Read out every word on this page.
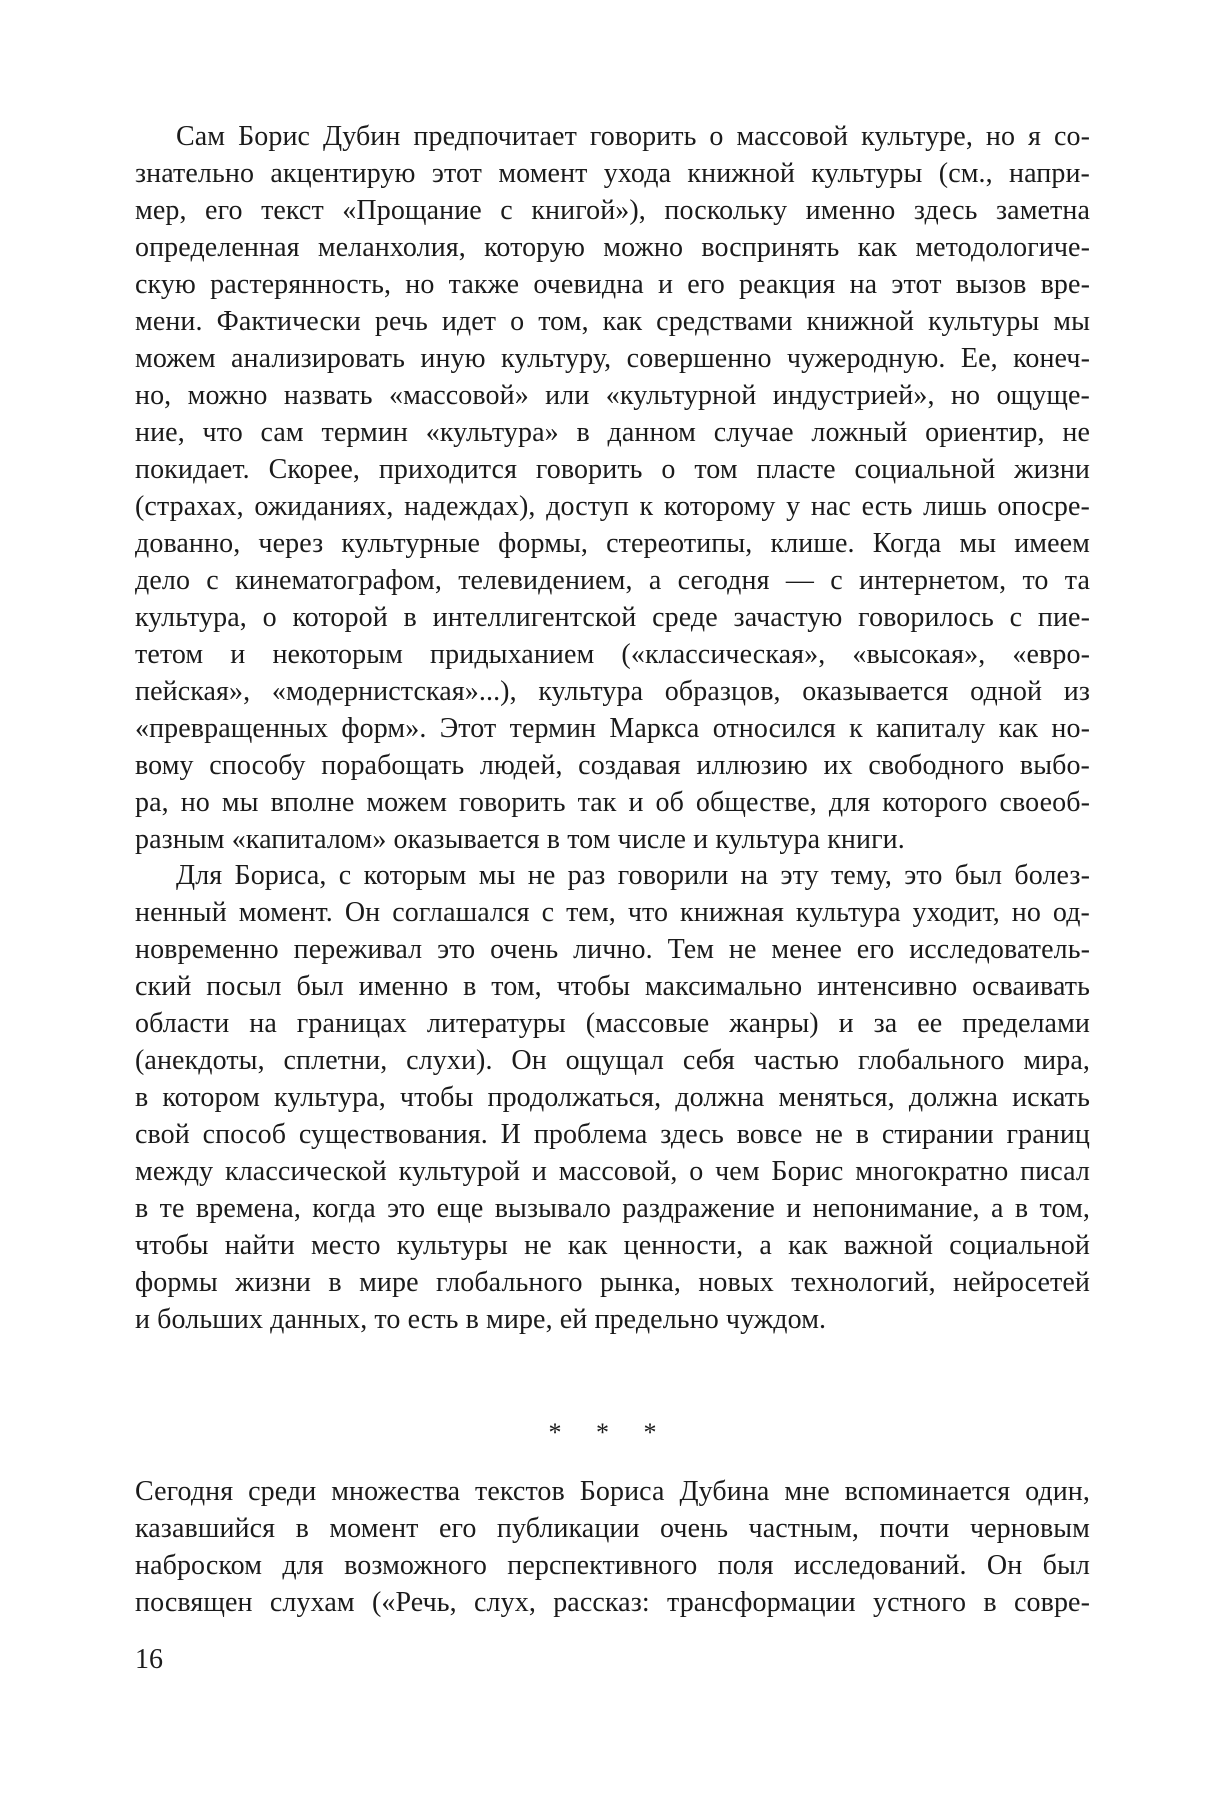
Сам Борис Дубин предпочитает говорить о массовой культуре, но я со-
знательно акцентирую этот момент ухода книжной культуры (см., напри-
мер, его текст «Прощание с книгой»), поскольку именно здесь заметна
определенная меланхолия, которую можно воспринять как методологиче-
скую растерянность, но также очевидна и его реакция на этот вызов вре-
мени. Фактически речь идет о том, как средствами книжной культуры мы
можем анализировать иную культуру, совершенно чужеродную. Ее, конеч-
но, можно назвать «массовой» или «культурной индустрией», но ощуще-
ние, что сам термин «культура» в данном случае ложный ориентир, не
покидает. Скорее, приходится говорить о том пласте социальной жизни
(страхах, ожиданиях, надеждах), доступ к которому у нас есть лишь опосре-
дованно, через культурные формы, стереотипы, клише. Когда мы имеем
дело с кинематографом, телевидением, а сегодня — с интернетом, то та
культура, о которой в интеллигентской среде зачастую говорилось с пие-
тетом и некоторым придыханием («классическая», «высокая», «евро-
пейская», «модернистская»...), культура образцов, оказывается одной из
«превращенных форм». Этот термин Маркса относился к капиталу как но-
вому способу порабощать людей, создавая иллюзию их свободного выбо-
ра, но мы вполне можем говорить так и об обществе, для которого своеоб-
разным «капиталом» оказывается в том числе и культура книги.
Для Бориса, с которым мы не раз говорили на эту тему, это был болез-
ненный момент. Он соглашался с тем, что книжная культура уходит, но од-
новременно переживал это очень лично. Тем не менее его исследователь-
ский посыл был именно в том, чтобы максимально интенсивно осваивать
области на границах литературы (массовые жанры) и за ее пределами
(анекдоты, сплетни, слухи). Он ощущал себя частью глобального мира,
в котором культура, чтобы продолжаться, должна меняться, должна искать
свой способ существования. И проблема здесь вовсе не в стирании границ
между классической культурой и массовой, о чем Борис многократно писал
в те времена, когда это еще вызывало раздражение и непонимание, а в том,
чтобы найти место культуры не как ценности, а как важной социальной
формы жизни в мире глобального рынка, новых технологий, нейросетей
и больших данных, то есть в мире, ей предельно чуждом.
* * *
Сегодня среди множества текстов Бориса Дубина мне вспоминается один,
казавшийся в момент его публикации очень частным, почти черновым
наброском для возможного перспективного поля исследований. Он был
посвящен слухам («Речь, слух, рассказ: трансформации устного в совре-
16
